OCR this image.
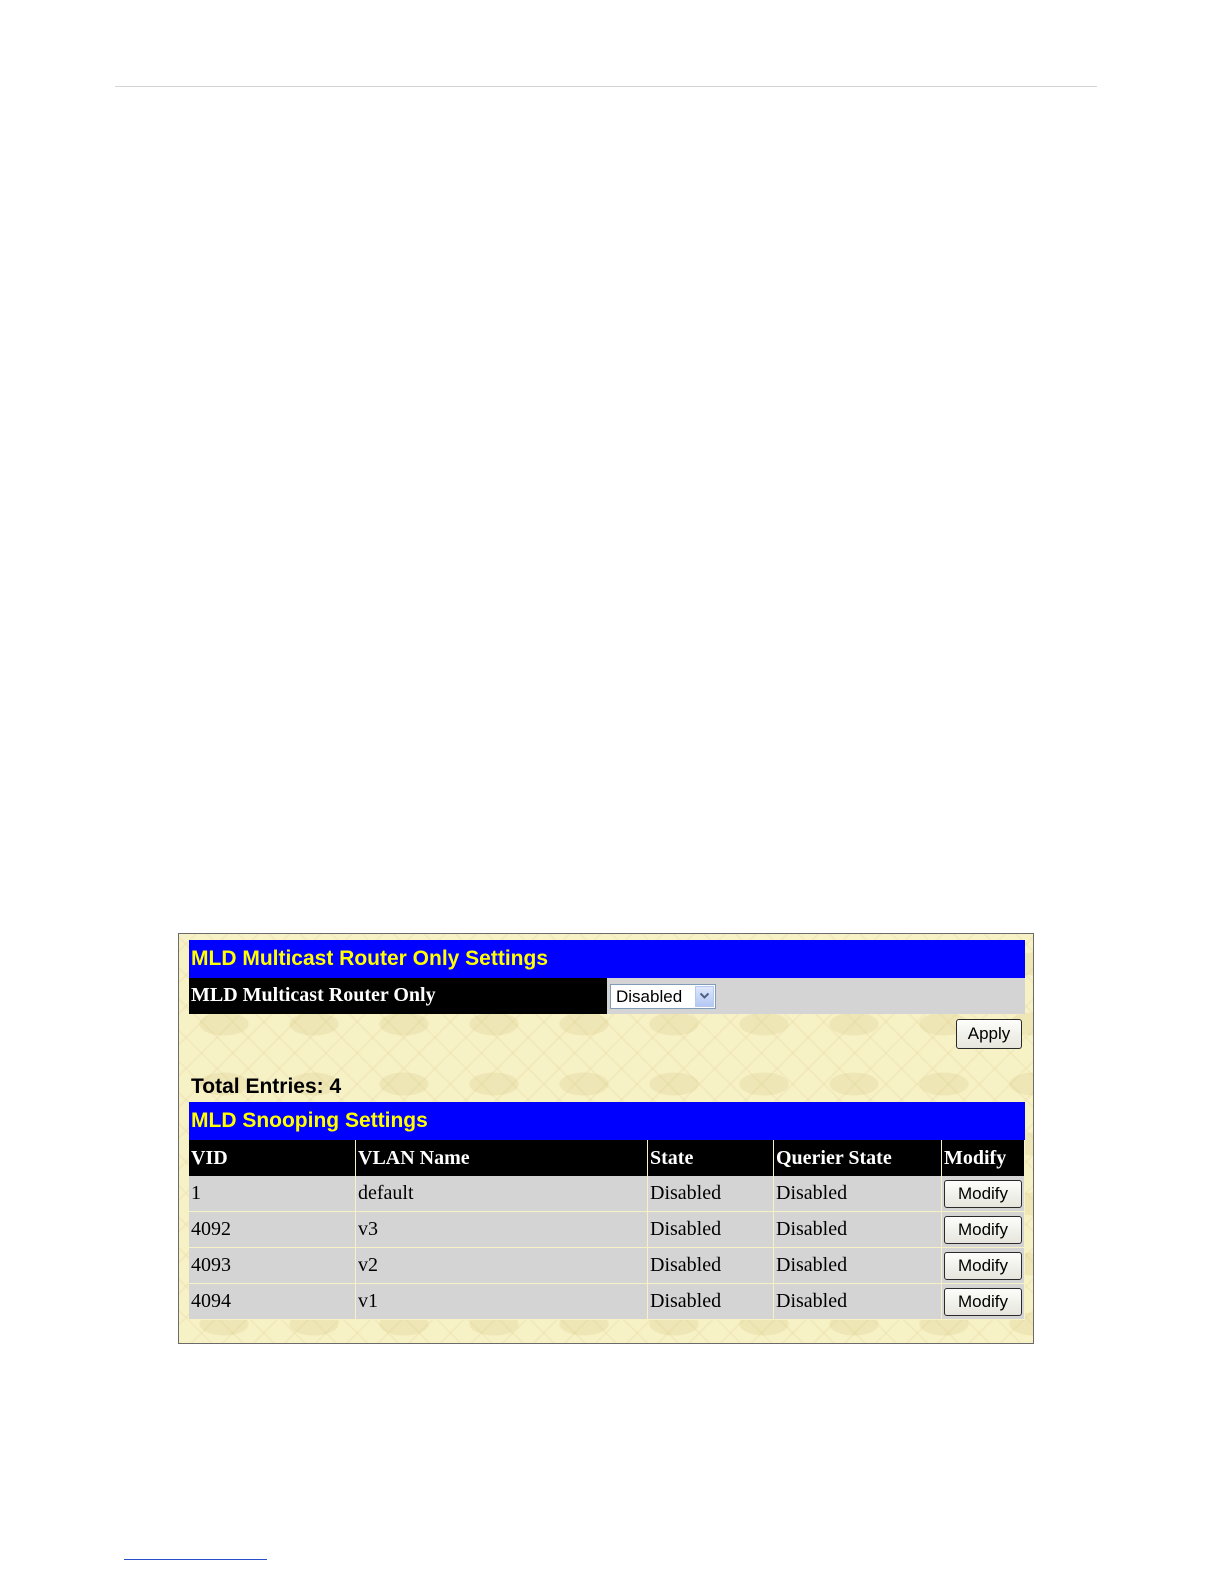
MLD Multicast Router Only Settings
MLD Multicast Router Only	Disabled
Apply
Total Entries: 4
MLD Snooping Settings
VID	VLAN Name	State	Querier State	Modify
1	default	Disabled	Disabled	Modify
4092	v3	Disabled	Disabled	Modify
4093	v2	Disabled	Disabled	Modify
4094	v1	Disabled	Disabled	Modify
